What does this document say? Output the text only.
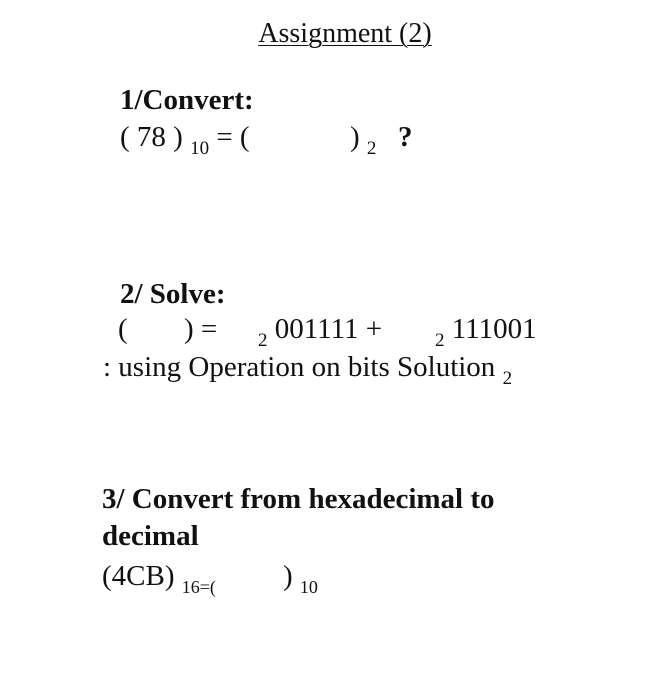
Assignment (2)
1/Convert:
( 78 ) $_{10}$ = (	) $_2$ ?
2/ Solve:
( ) = $_2$ 001111 +	$_2$ 111001
: using Operation on bits Solution $_2$
3/ Convert from hexadecimal to
decimal
(4CB) $_{16=(}$ ) $_{10}$
